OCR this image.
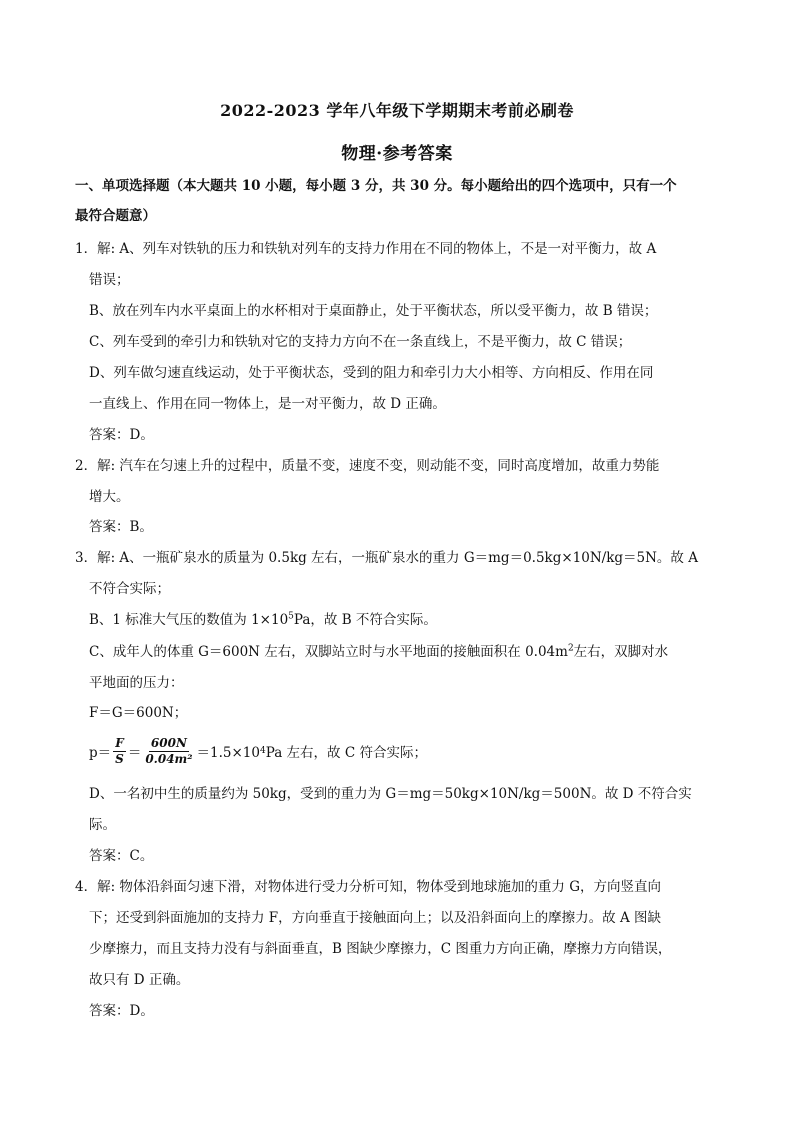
2022-2023 学年八年级下学期期末考前必刷卷
物理·参考答案
一、单项选择题（本大题共 10 小题，每小题 3 分，共 30 分。每小题给出的四个选项中，只有一个
最符合题意）
1．解: A、列车对铁轨的压力和铁轨对列车的支持力作用在不同的物体上，不是一对平衡力，故 A
错误；
B、放在列车内水平桌面上的水杯相对于桌面静止，处于平衡状态，所以受平衡力，故 B 错误；
C、列车受到的牵引力和铁轨对它的支持力方向不在一条直线上，不是平衡力，故 C 错误；
D、列车做匀速直线运动，处于平衡状态，受到的阻力和牵引力大小相等、方向相反、作用在同
一直线上、作用在同一物体上，是一对平衡力，故 D 正确。
答案：D。
2．解: 汽车在匀速上升的过程中，质量不变，速度不变，则动能不变，同时高度增加，故重力势能
增大。
答案：B。
3．解: A、一瓶矿泉水的质量为 0.5kg 左右，一瓶矿泉水的重力 G＝mg＝0.5kg×10N/kg＝5N。故 A
不符合实际；
B、1 标准大气压的数值为 $1\times 10^5Pa$，故 B 不符合实际。
C、成年人的体重 G＝600N 左右，双脚站立时与水平地面的接触面积在 $0.04m^2$左右，双脚对水
平地面的压力：
F＝G＝600N；
$p= \frac{F}{S} = \frac{600N}{\text{0.04m²}} =1.5\times 10$ 4 Pa 左右，故 C 符合实际；
D、一名初中生的质量约为 50kg，受到的重力为 G＝mg＝50kg×10N/kg＝500N。故 D 不符合实
际。
答案：C。
4．解: 物体沿斜面匀速下滑，对物体进行受力分析可知，物体受到地球施加的重力 G，方向竖直向
下；还受到斜面施加的支持力 F，方向垂直于接触面向上；以及沿斜面向上的摩擦力。故 A 图缺
少摩擦力，而且支持力没有与斜面垂直，B 图缺少摩擦力，C 图重力方向正确，摩擦力方向错误，
故只有 D 正确。
答案：D。
